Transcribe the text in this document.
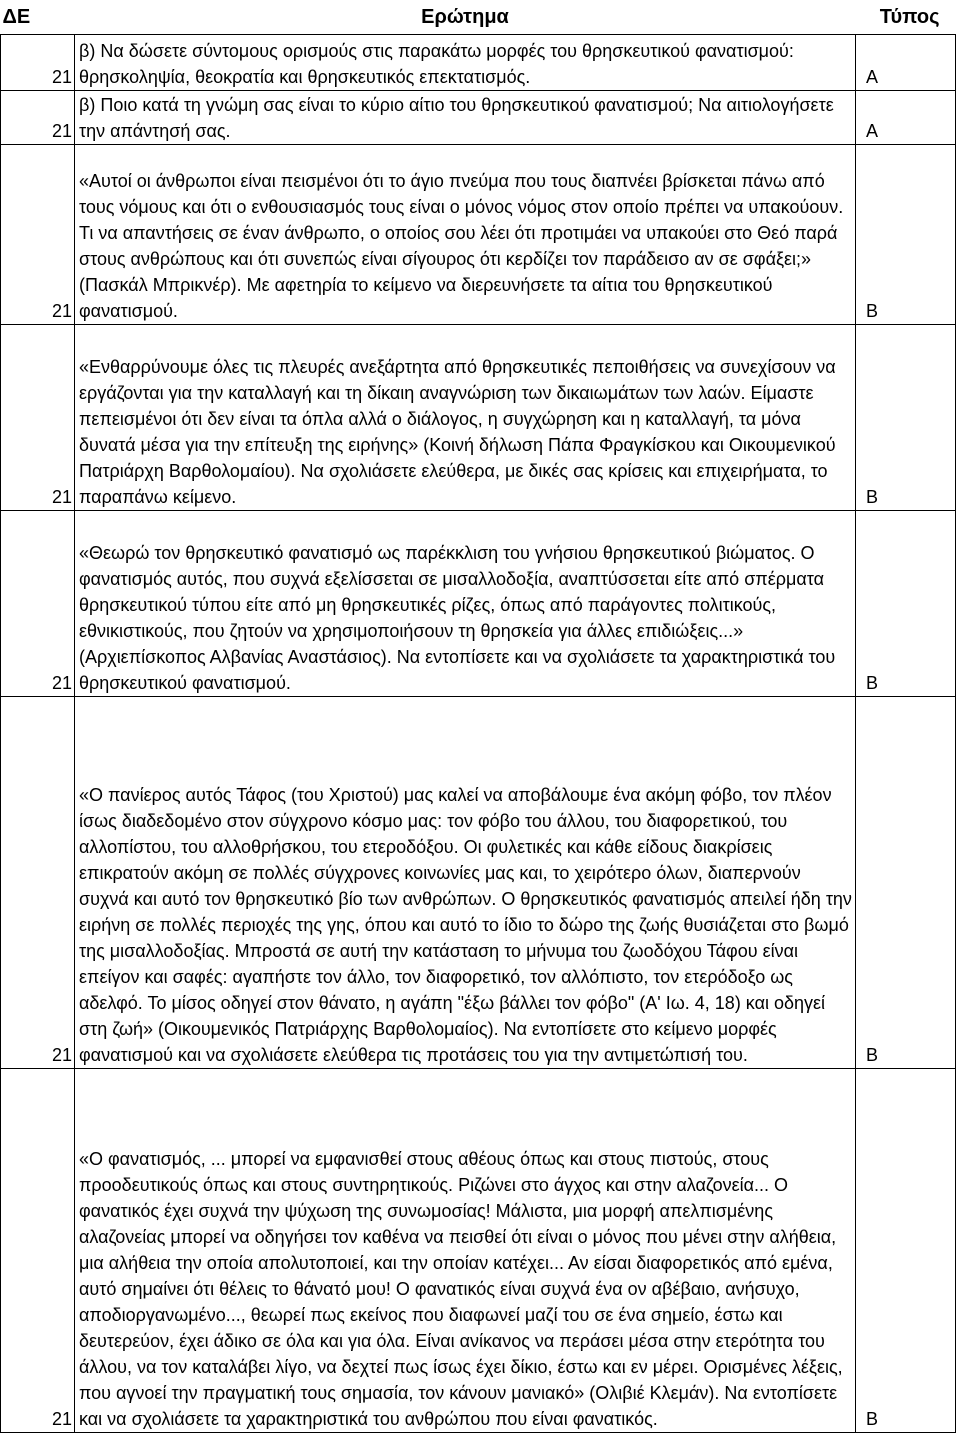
ΔΕ	Ερώτημα	Τύπος
21	β) Να δώσετε σύντομους ορισμούς στις παρακάτω μορφές του θρησκευτικού φανατισμού: θρησκοληψία, θεοκρατία και θρησκευτικός επεκτατισμός.	Α
21	β) Ποιο κατά τη γνώμη σας είναι το κύριο αίτιο του θρησκευτικού φανατισμού; Να αιτιολογήσετε την απάντησή σας.	Α
21	«Αυτοί οι άνθρωποι είναι πεισμένοι ότι το άγιο πνεύμα που τους διαπνέει βρίσκεται πάνω από τους νόμους και ότι ο ενθουσιασμός τους είναι ο μόνος νόμος στον οποίο πρέπει να υπακούουν. Τι να απαντήσεις σε έναν άνθρωπο, ο οποίος σου λέει ότι προτιμάει να υπακούει στο Θεό παρά στους ανθρώπους και ότι συνεπώς είναι σίγουρος ότι κερδίζει τον παράδεισο αν σε σφάξει;» (Πασκάλ Μπρικνέρ). Με αφετηρία το κείμενο να διερευνήσετε τα αίτια του θρησκευτικού φανατισμού.	Β
21	«Ενθαρρύνουμε όλες τις πλευρές ανεξάρτητα από θρησκευτικές πεποιθήσεις να συνεχίσουν να εργάζονται για την καταλλαγή και τη δίκαιη αναγνώριση των δικαιωμάτων των λαών. Είμαστε πεπεισμένοι ότι δεν είναι τα όπλα αλλά ο διάλογος, η συγχώρηση και η καταλλαγή, τα μόνα δυνατά μέσα για την επίτευξη της ειρήνης» (Κοινή δήλωση Πάπα Φραγκίσκου και Οικουμενικού Πατριάρχη Βαρθολομαίου). Να σχολιάσετε ελεύθερα, με δικές σας κρίσεις και επιχειρήματα, το παραπάνω κείμενο.	Β
21	«Θεωρώ τον θρησκευτικό φανατισμό ως παρέκκλιση του γνήσιου θρησκευτικού βιώματος. Ο φανατισμός αυτός, που συχνά εξελίσσεται σε μισαλλοδοξία, αναπτύσσεται είτε από σπέρματα θρησκευτικού τύπου είτε από μη θρησκευτικές ρίζες, όπως από παράγοντες πολιτικούς, εθνικιστικούς, που ζητούν να χρησιμοποιήσουν τη θρησκεία για άλλες επιδιώξεις...» (Αρχιεπίσκοπος Αλβανίας Αναστάσιος). Να εντοπίσετε και να σχολιάσετε τα χαρακτηριστικά του θρησκευτικού φανατισμού.	Β
21	«Ο πανίερος αυτός Τάφος (του Χριστού) μας καλεί να αποβάλουμε ένα ακόμη φόβο, τον πλέον ίσως διαδεδομένο στον σύγχρονο κόσμο μας: τον φόβο του άλλου, του διαφορετικού, του αλλοπίστου, του αλλοθρήσκου, του ετεροδόξου. Οι φυλετικές και κάθε είδους διακρίσεις επικρατούν ακόμη σε πολλές σύγχρονες κοινωνίες μας και, το χειρότερο όλων, διαπερνούν συχνά και αυτό τον θρησκευτικό βίο των ανθρώπων. Ο θρησκευτικός φανατισμός απειλεί ήδη την ειρήνη σε πολλές περιοχές της γης, όπου και αυτό το ίδιο το δώρο της ζωής θυσιάζεται στο βωμό της μισαλλοδοξίας. Μπροστά σε αυτή την κατάσταση το μήνυμα του ζωοδόχου Τάφου είναι επείγον και σαφές: αγαπήστε τον άλλο, τον διαφορετικό, τον αλλόπιστο, τον ετερόδοξο ως αδελφό. Το μίσος οδηγεί στον θάνατο, η αγάπη "έξω βάλλει τον φόβο" (Α' Ιω. 4, 18) και οδηγεί στη ζωή» (Οικουμενικός Πατριάρχης Βαρθολομαίος). Να εντοπίσετε στο κείμενο μορφές φανατισμού και να σχολιάσετε ελεύθερα τις προτάσεις του για την αντιμετώπισή του.	Β
21	«Ο φανατισμός, ... μπορεί να εμφανισθεί στους αθέους όπως και στους πιστούς, στους προοδευτικούς όπως και στους συντηρητικούς. Ριζώνει στο άγχος και στην αλαζονεία... Ο φανατικός έχει συχνά την ψύχωση της συνωμοσίας! Μάλιστα, μια μορφή απελπισμένης αλαζονείας μπορεί να οδηγήσει τον καθένα να πεισθεί ότι είναι ο μόνος που μένει στην αλήθεια, μια αλήθεια την οποία απολυτοποιεί, και την οποίαν κατέχει... Αν είσαι διαφορετικός από εμένα, αυτό σημαίνει ότι θέλεις το θάνατό μου! Ο φανατικός είναι συχνά ένα ον αβέβαιο, ανήσυχο, αποδιοργανωμένο..., θεωρεί πως εκείνος που διαφωνεί μαζί του σε ένα σημείο, έστω και δευτερεύον, έχει άδικο σε όλα και για όλα. Είναι ανίκανος να περάσει μέσα στην ετερότητα του άλλου, να τον καταλάβει λίγο, να δεχτεί πως ίσως έχει δίκιο, έστω και εν μέρει. Ορισμένες λέξεις, που αγνοεί την πραγματική τους σημασία, τον κάνουν μανιακό» (Ολιβιέ Κλεμάν). Να εντοπίσετε και να σχολιάσετε τα χαρακτηριστικά του ανθρώπου που είναι φανατικός.	Β
